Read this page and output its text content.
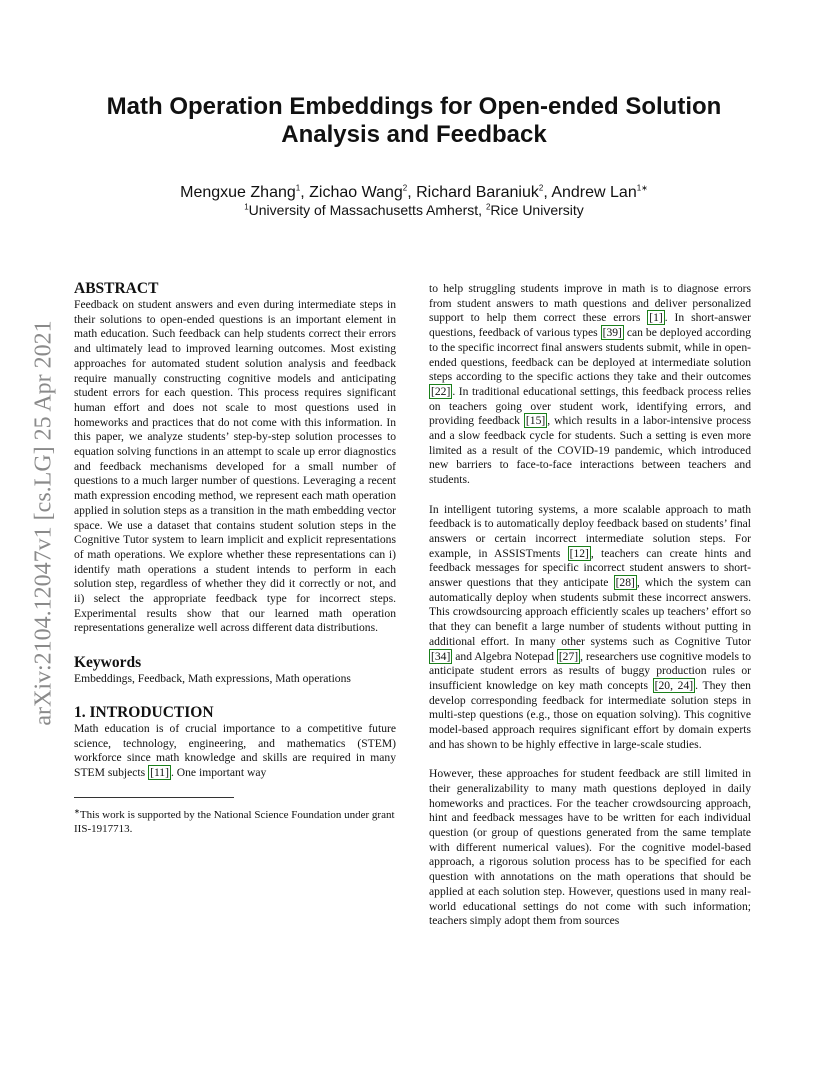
arXiv:2104.12047v1 [cs.LG] 25 Apr 2021
Math Operation Embeddings for Open-ended Solution
Analysis and Feedback
Mengxue Zhang$^1$, Zichao Wang$^2$, Richard Baraniuk$^2$, Andrew Lan$^{1∗}$
$^1$University of Massachusetts Amherst, $^2$Rice University
ABSTRACT

Feedback on student answers and even during intermediate steps in their solutions to open-ended questions is an important element in math education. Such feedback can help students correct their errors and ultimately lead to improved learning outcomes. Most existing approaches for automated student solution analysis and feedback require manually constructing cognitive models and anticipating student errors for each question. This process requires significant human effort and does not scale to most questions used in homeworks and practices that do not come with this information. In this paper, we analyze students’ step-by-step solution processes to equation solving functions in an attempt to scale up error diagnostics and feedback mechanisms developed for a small number of questions to a much larger number of questions. Leveraging a recent math expression encoding method, we represent each math operation applied in solution steps as a transition in the math embedding vector space. We use a dataset that contains student solution steps in the Cognitive Tutor system to learn implicit and explicit representations of math operations. We explore whether these representations can i) identify math operations a student intends to perform in each solution step, regardless of whether they did it correctly or not, and ii) select the appropriate feedback type for incorrect steps. Experimental results show that our learned math operation representations generalize well across different data distributions.

Keywords

Embeddings, Feedback, Math expressions, Math operations

1. INTRODUCTION

Math education is of crucial importance to a competitive future science, technology, engineering, and mathematics (STEM) workforce since math knowledge and skills are required in many STEM subjects [11] . One important way

∗This work is supported by the National Science Foundation under grant IIS-1917713.

to help struggling students improve in math is to diagnose errors from student answers to math questions and deliver personalized support to help them correct these errors [1] . In short-answer questions, feedback of various types [39] can be deployed according to the specific incorrect final answers students submit, while in open-ended questions, feedback can be deployed at intermediate solution steps according to the specific actions they take and their outcomes [22] . In traditional educational settings, this feedback process relies on teachers going over student work, identifying errors, and providing feedback [15] , which results in a labor-intensive process and a slow feedback cycle for students. Such a setting is even more limited as a result of the COVID-19 pandemic, which introduced new barriers to face-to-face interactions between teachers and students.

In intelligent tutoring systems, a more scalable approach to math feedback is to automatically deploy feedback based on students’ final answers or certain incorrect intermediate solution steps. For example, in ASSISTments [12] , teachers can create hints and feedback messages for specific incorrect student answers to short-answer questions that they anticipate [28] , which the system can automatically deploy when students submit these incorrect answers. This crowdsourcing approach efficiently scales up teachers’ effort so that they can benefit a large number of students without putting in additional effort. In many other systems such as Cognitive Tutor [34] and Algebra Notepad [27] , researchers use cognitive models to anticipate student errors as results of buggy production rules or insufficient knowledge on key math concepts [20, 24] . They then develop corresponding feedback for intermediate solution steps in multi-step questions (e.g., those on equation solving). This cognitive model-based approach requires significant effort by domain experts and has shown to be highly effective in large-scale studies.

However, these approaches for student feedback are still limited in their generalizability to many math questions deployed in daily homeworks and practices. For the teacher crowdsourcing approach, hint and feedback messages have to be written for each individual question (or group of questions generated from the same template with different numerical values). For the cognitive model-based approach, a rigorous solution process has to be specified for each question with annotations on the math operations that should be applied at each solution step. However, questions used in many real-world educational settings do not come with such information; teachers simply adopt them from sources
